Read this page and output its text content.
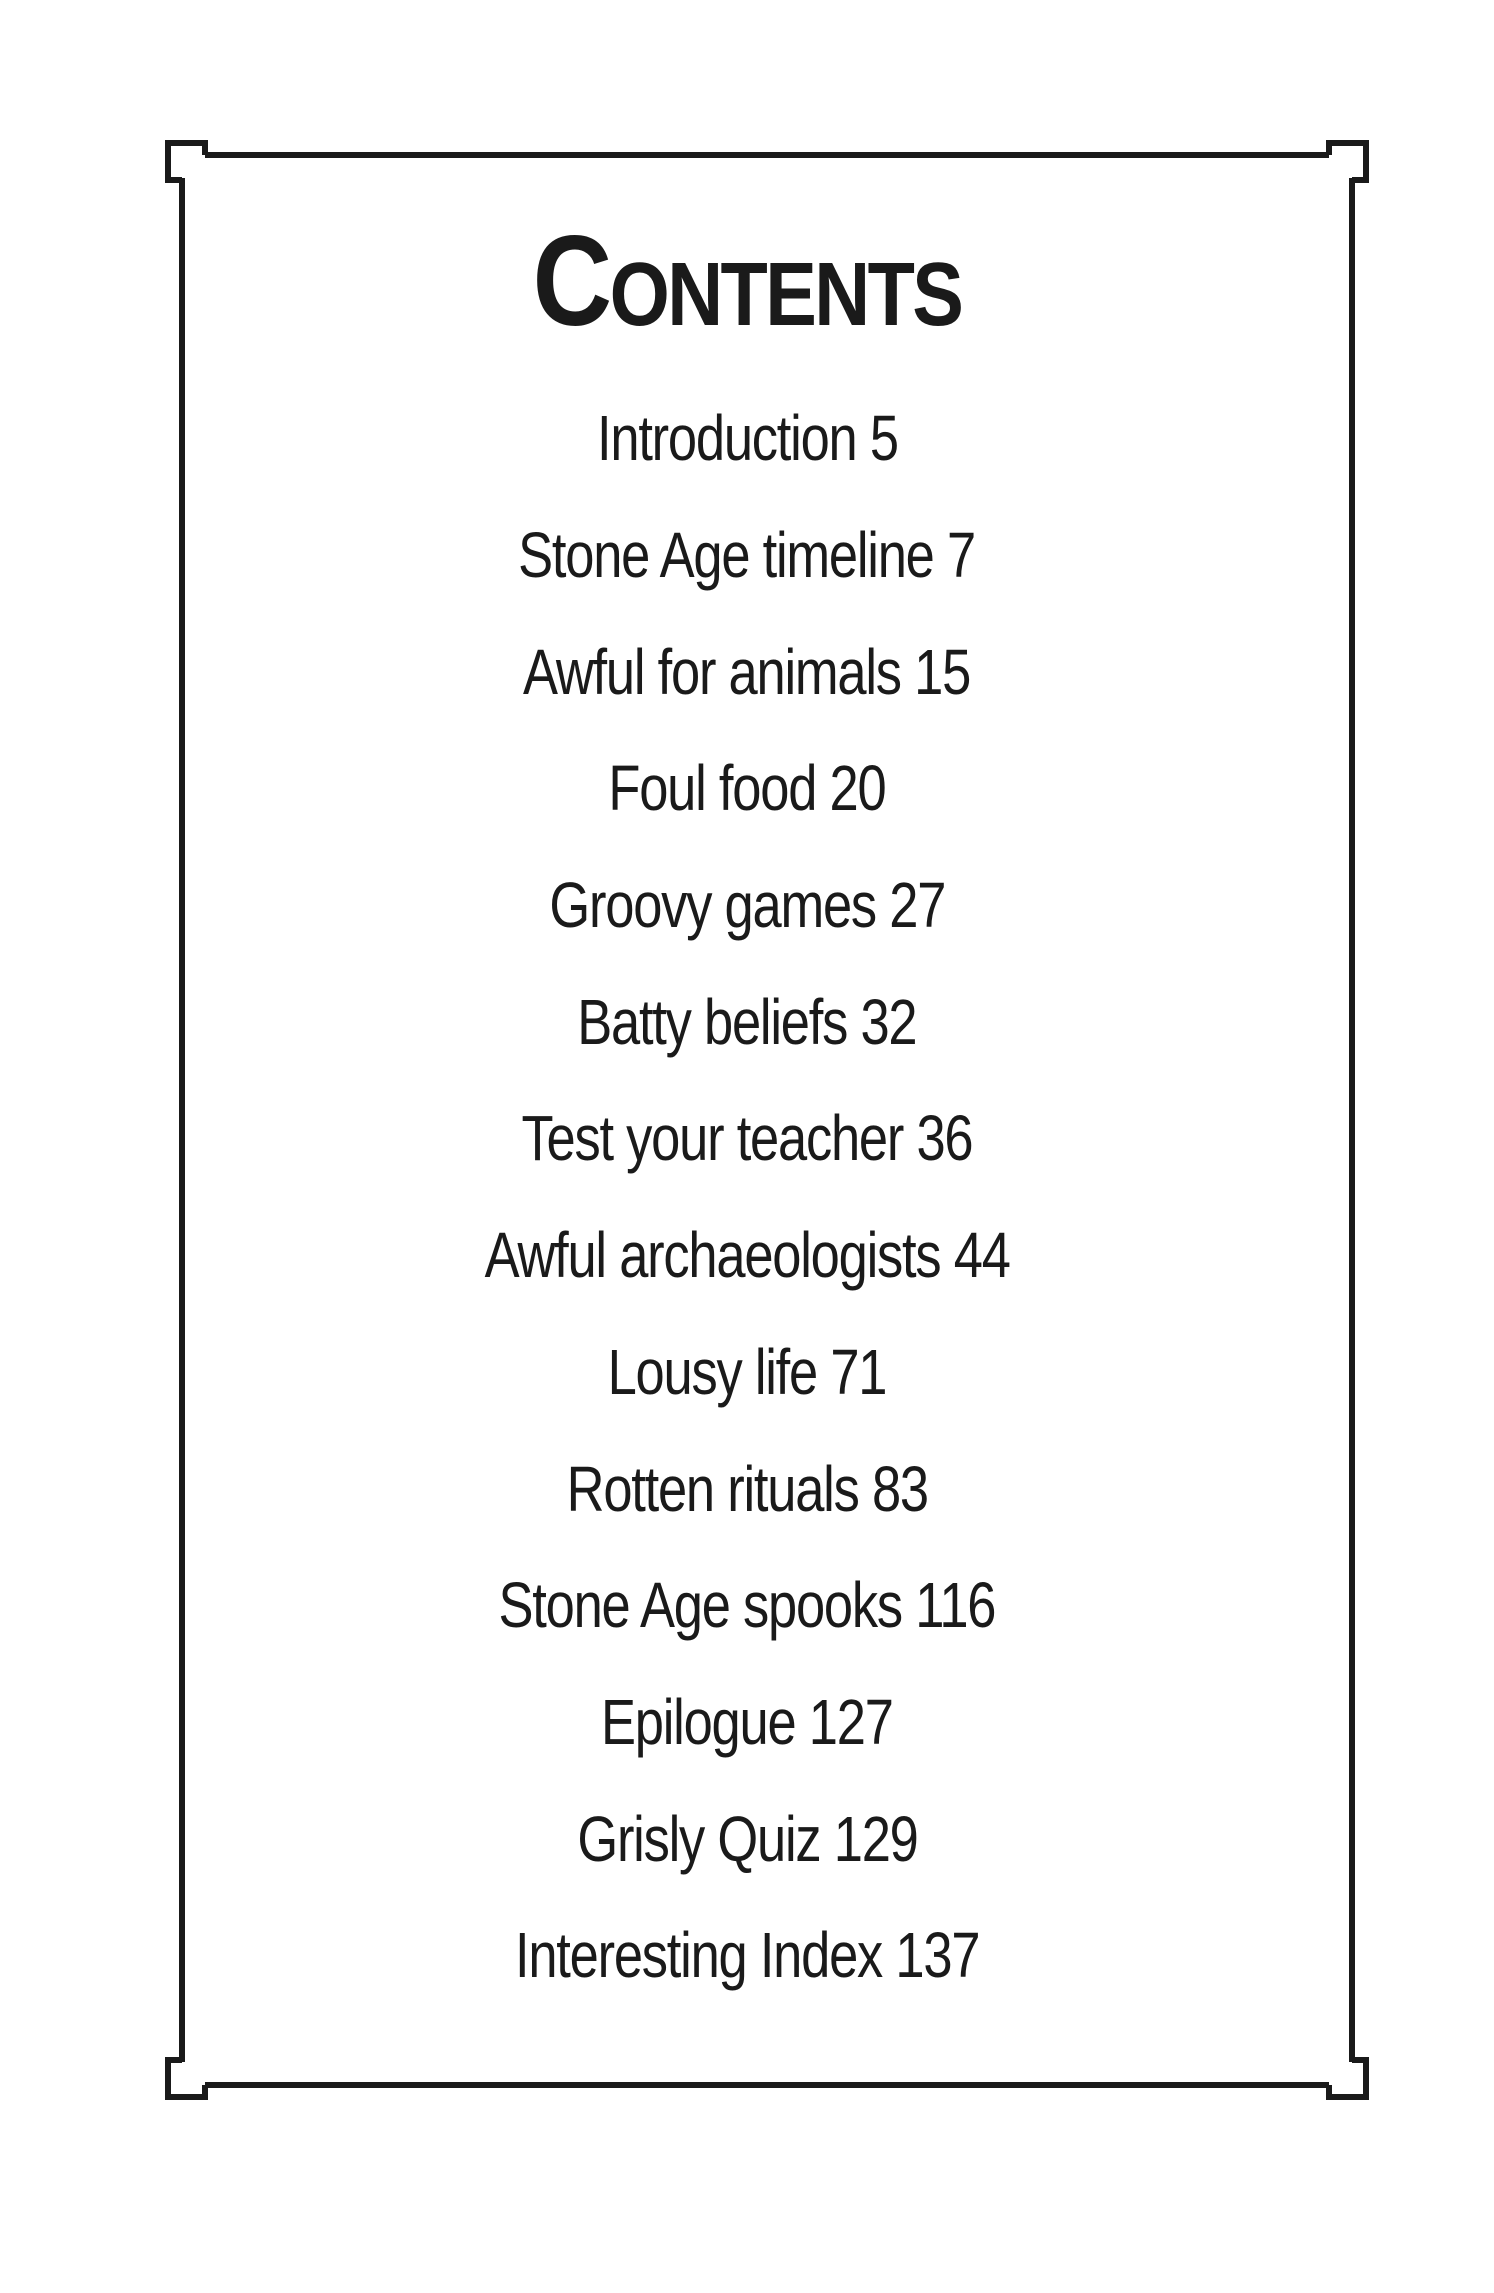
Contents
Introduction 5
Stone Age timeline 7
Awful for animals 15
Foul food 20
Groovy games 27
Batty beliefs 32
Test your teacher 36
Awful archaeologists 44
Lousy life 71
Rotten rituals 83
Stone Age spooks 116
Epilogue 127
Grisly Quiz 129
Interesting Index 137
